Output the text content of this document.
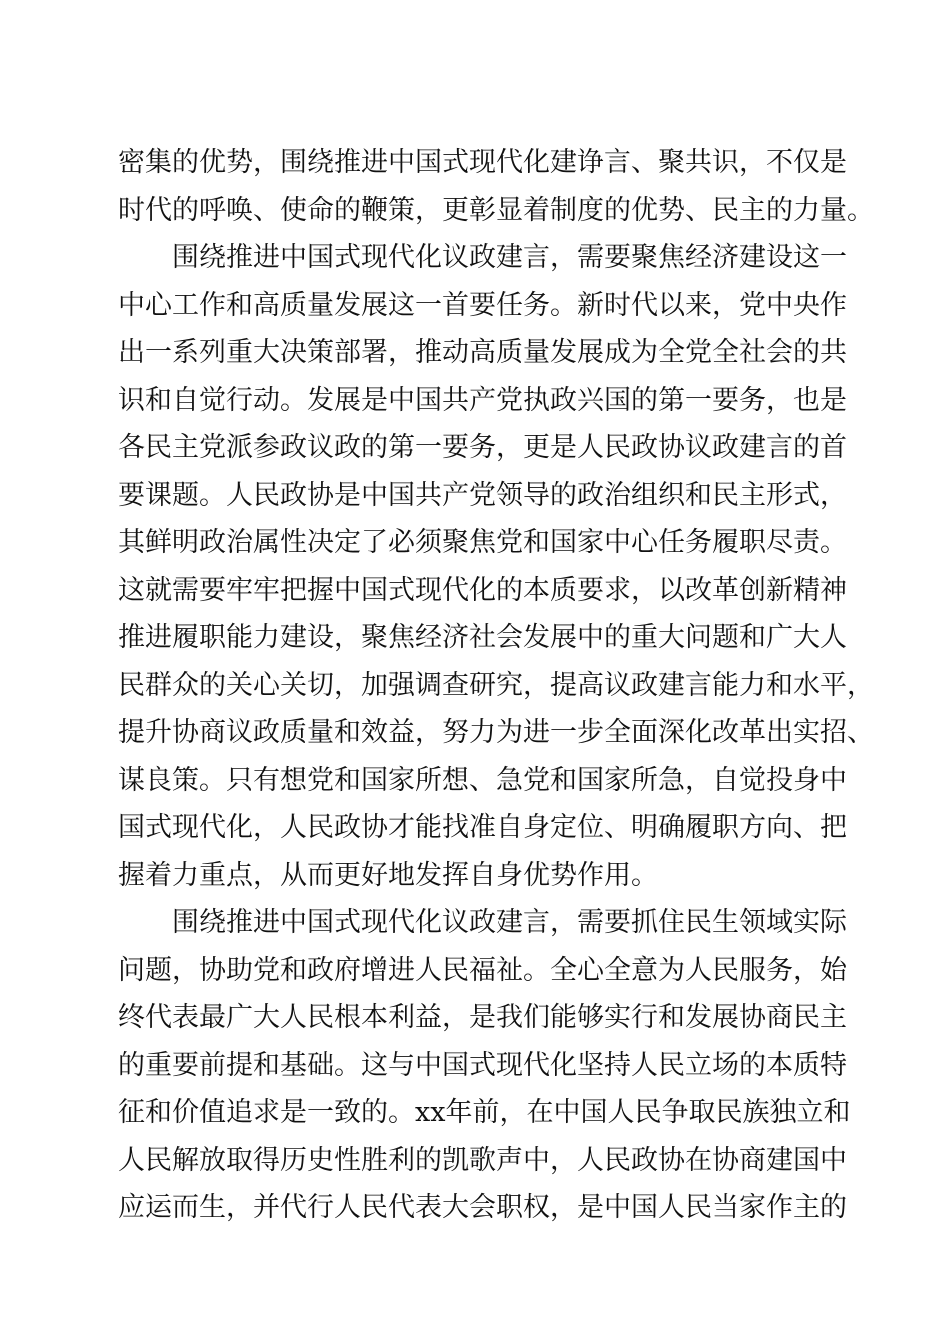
密集的优势，围绕推进中国式现代化建诤言、聚共识，不仅是
时代的呼唤、使命的鞭策，更彰显着制度的优势、民主的力量。
围绕推进中国式现代化议政建言，需要聚焦经济建设这一
中心工作和高质量发展这一首要任务。新时代以来，党中央作
出一系列重大决策部署，推动高质量发展成为全党全社会的共
识和自觉行动。发展是中国共产党执政兴国的第一要务，也是
各民主党派参政议政的第一要务，更是人民政协议政建言的首
要课题。人民政协是中国共产党领导的政治组织和民主形式，
其鲜明政治属性决定了必须聚焦党和国家中心任务履职尽责。
这就需要牢牢把握中国式现代化的本质要求，以改革创新精神
推进履职能力建设，聚焦经济社会发展中的重大问题和广大人
民群众的关心关切，加强调查研究，提高议政建言能力和水平，
提升协商议政质量和效益，努力为进一步全面深化改革出实招、
谋良策。只有想党和国家所想、急党和国家所急，自觉投身中
国式现代化，人民政协才能找准自身定位、明确履职方向、把
握着力重点，从而更好地发挥自身优势作用。
围绕推进中国式现代化议政建言，需要抓住民生领域实际
问题，协助党和政府增进人民福祉。全心全意为人民服务，始
终代表最广大人民根本利益，是我们能够实行和发展协商民主
的重要前提和基础。这与中国式现代化坚持人民立场的本质特
征和价值追求是一致的。xx年前，在中国人民争取民族独立和
人民解放取得历史性胜利的凯歌声中，人民政协在协商建国中
应运而生，并代行人民代表大会职权，是中国人民当家作主的
